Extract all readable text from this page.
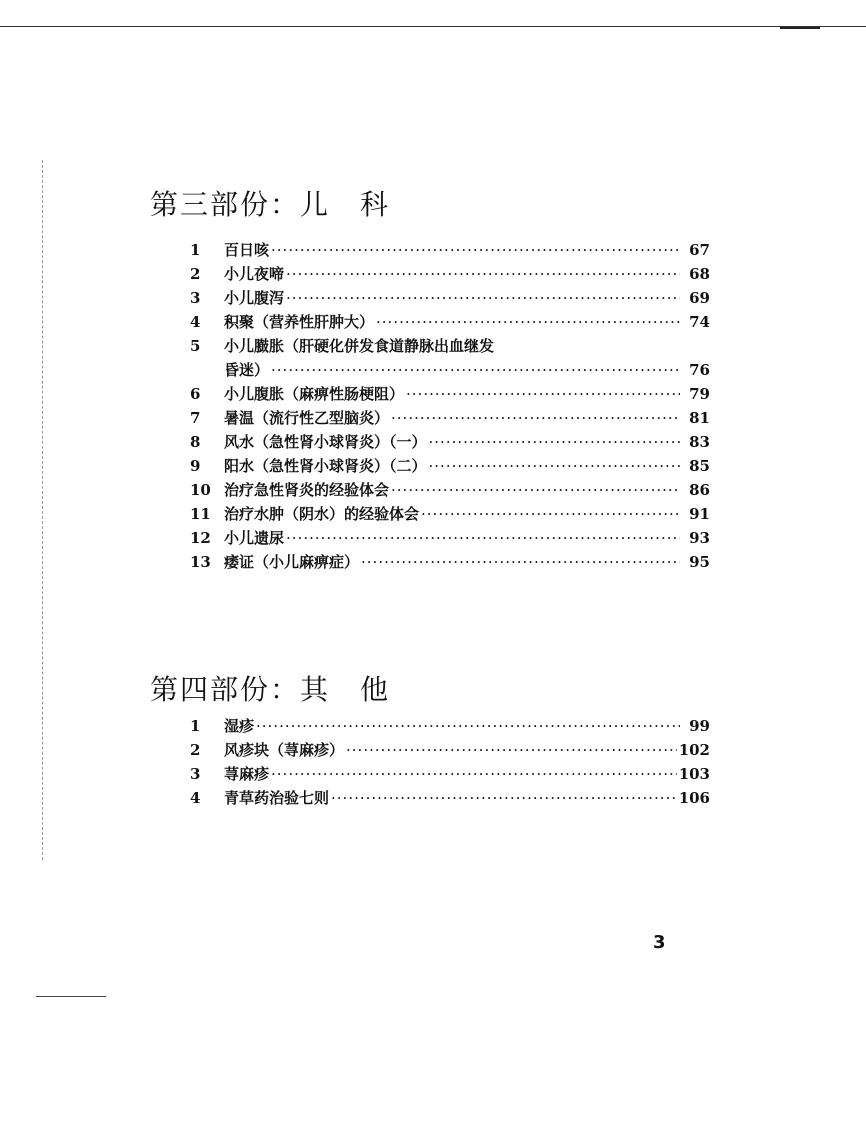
第三部份：儿　科
1	百日咳 ·····	67
2	小儿夜啼 ·····	68
3	小儿腹泻 ·····	69
4	积聚（营养性肝肿大） ·····	74
5	小儿臌胀（肝硬化併发食道静脉出血继发
昏迷） ·····	76
6	小儿腹胀（麻痹性肠梗阻） ·····	79
7	暑温（流行性乙型脑炎） ·····	81
8	风水（急性肾小球肾炎）（一） ·····	83
9	阳水（急性肾小球肾炎）（二） ·····	85
10 治疗急性肾炎的经验体会 ·····	86
11 治疗水肿（阴水）的经验体会 ·····	91
12 小儿遗尿 ·····	93
13 痿证（小儿麻痹症） ·····	95
第四部份：其　他
1	湿疹 ·····	99
2	风疹块（荨麻疹） ·····	102
3	荨麻疹 ·····	103
4	青草药治验七则 ·····	106
3
